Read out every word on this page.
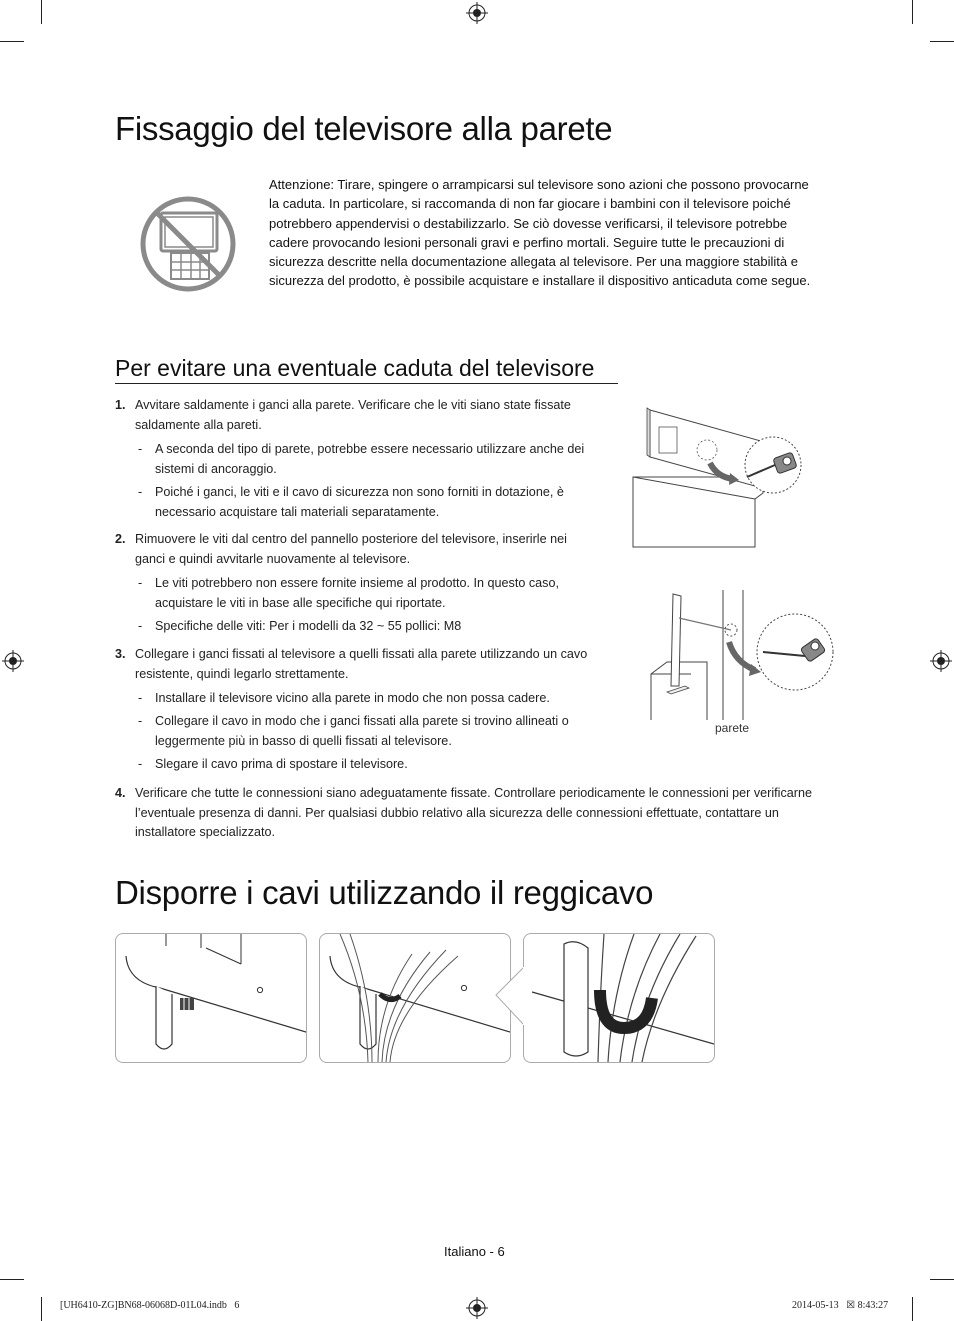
Fissaggio del televisore alla parete
Attenzione: Tirare, spingere o arrampicarsi sul televisore sono azioni che possono provocarne la caduta. In particolare, si raccomanda di non far giocare i bambini con il televisore poiché potrebbero appendervisi o destabilizzarlo. Se ciò dovesse verificarsi, il televisore potrebbe cadere provocando lesioni personali gravi e perfino mortali. Seguire tutte le precauzioni di sicurezza descritte nella documentazione allegata al televisore. Per una maggiore stabilità e sicurezza del prodotto, è possibile acquistare e installare il dispositivo anticaduta come segue.
Per evitare una eventuale caduta del televisore
1. Avvitare saldamente i ganci alla parete. Verificare che le viti siano state fissate saldamente alla pareti.
- A seconda del tipo di parete, potrebbe essere necessario utilizzare anche dei sistemi di ancoraggio.
- Poiché i ganci, le viti e il cavo di sicurezza non sono forniti in dotazione, è necessario acquistare tali materiali separatamente.
2. Rimuovere le viti dal centro del pannello posteriore del televisore, inserirle nei ganci e quindi avvitarle nuovamente al televisore.
- Le viti potrebbero non essere fornite insieme al prodotto. In questo caso, acquistare le viti in base alle specifiche qui riportate.
- Specifiche delle viti: Per i modelli da 32 ~ 55 pollici: M8
3. Collegare i ganci fissati al televisore a quelli fissati alla parete utilizzando un cavo resistente, quindi legarlo strettamente.
- Installare il televisore vicino alla parete in modo che non possa cadere.
- Collegare il cavo in modo che i ganci fissati alla parete si trovino allineati o leggermente più in basso di quelli fissati al televisore.
- Slegare il cavo prima di spostare il televisore.
4. Verificare che tutte le connessioni siano adeguatamente fissate. Controllare periodicamente le connessioni per verificarne l’eventuale presenza di danni. Per qualsiasi dubbio relativo alla sicurezza delle connessioni effettuate, contattare un installatore specializzato.
parete
Disporre i cavi utilizzando il reggicavo
Italiano - 6
[UH6410-ZG]BN68-06068D-01L04.indb   6	2014-05-13   ☒ 8:43:27
